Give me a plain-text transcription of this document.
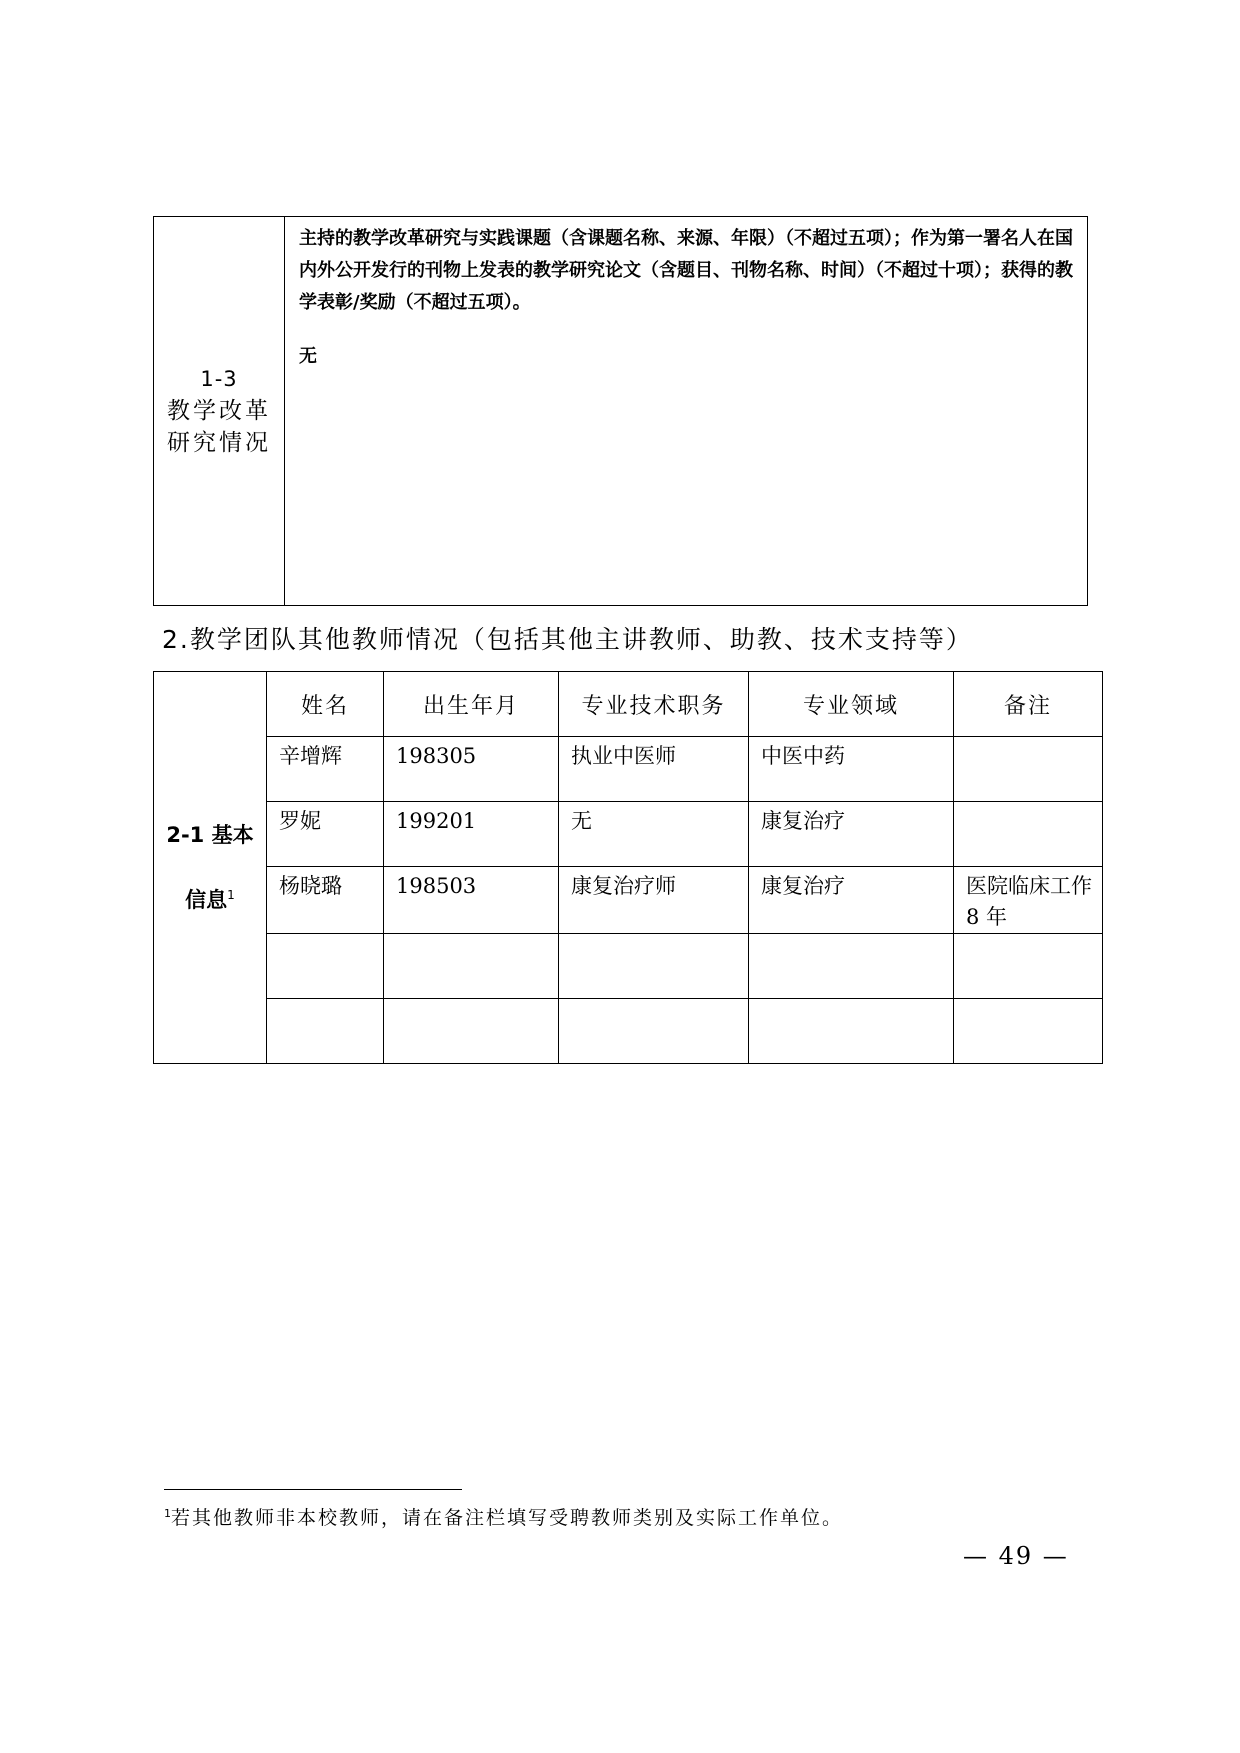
1-3
教学改革
研究情况

主持的教学改革研究与实践课题（含课题名称、来源、年限）（不超过五项）；作为第一署名人在国内外公开发行的刊物上发表的教学研究论文（含题目、刊物名称、时间）（不超过十项）；获得的教学表彰/奖励（不超过五项）。
无
2.教学团队其他教师情况（包括其他主讲教师、助教、技术支持等）
2-1 基本
信息$^1$	姓名	出生年月	专业技术职务	专业领域	备注
	辛增辉	198305	执业中医师	中医中药	
	罗妮	199201	无	康复治疗	
	杨晓璐	198503	康复治疗师	康复治疗	医院临床工作 8 年

$^1$若其他教师非本校教师，请在备注栏填写受聘教师类别及实际工作单位。
— 49 —
